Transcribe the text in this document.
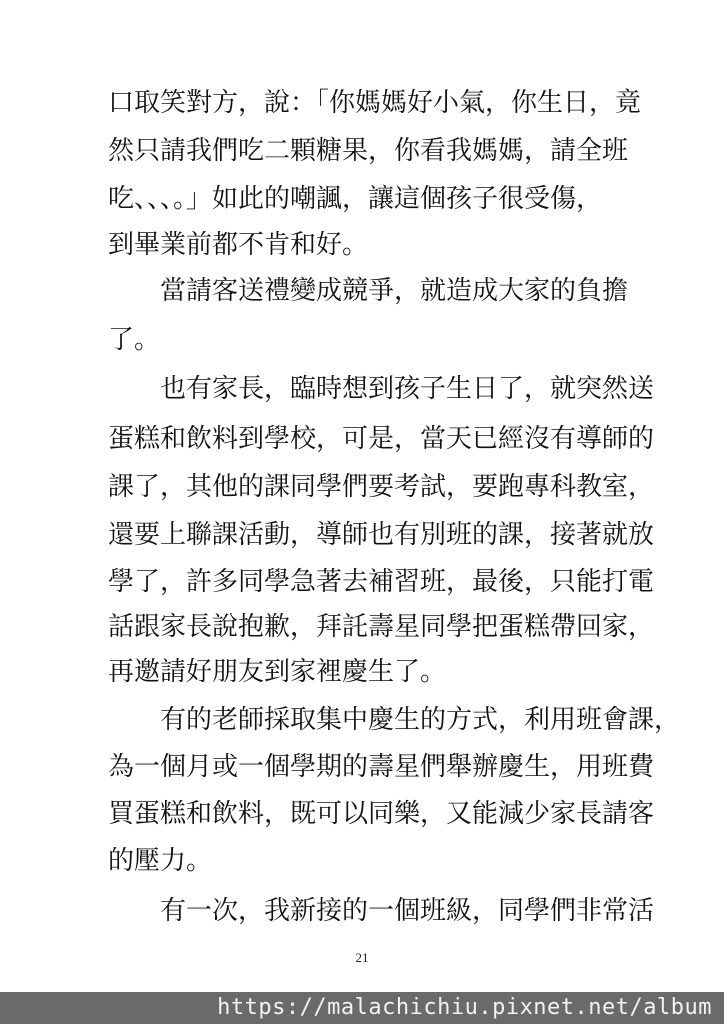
口取笑對方，說：「你媽媽好小氣，你生日，竟
然只請我們吃二顆糖果，你看我媽媽，請全班
吃、、、。」如此的嘲諷，讓這個孩子很受傷，
到畢業前都不肯和好。
　　當請客送禮變成競爭，就造成大家的負擔
了。
　　也有家長，臨時想到孩子生日了，就突然送
蛋糕和飲料到學校，可是，當天已經沒有導師的
課了，其他的課同學們要考試，要跑專科教室，
還要上聯課活動，導師也有別班的課，接著就放
學了，許多同學急著去補習班，最後，只能打電
話跟家長說抱歉，拜託壽星同學把蛋糕帶回家，
再邀請好朋友到家裡慶生了。
　　有的老師採取集中慶生的方式，利用班會課，
為一個月或一個學期的壽星們舉辦慶生，用班費
買蛋糕和飲料，既可以同樂，又能減少家長請客
的壓力。
　　有一次，我新接的一個班級，同學們非常活
21
https://malachichiu.pixnet.net/album
